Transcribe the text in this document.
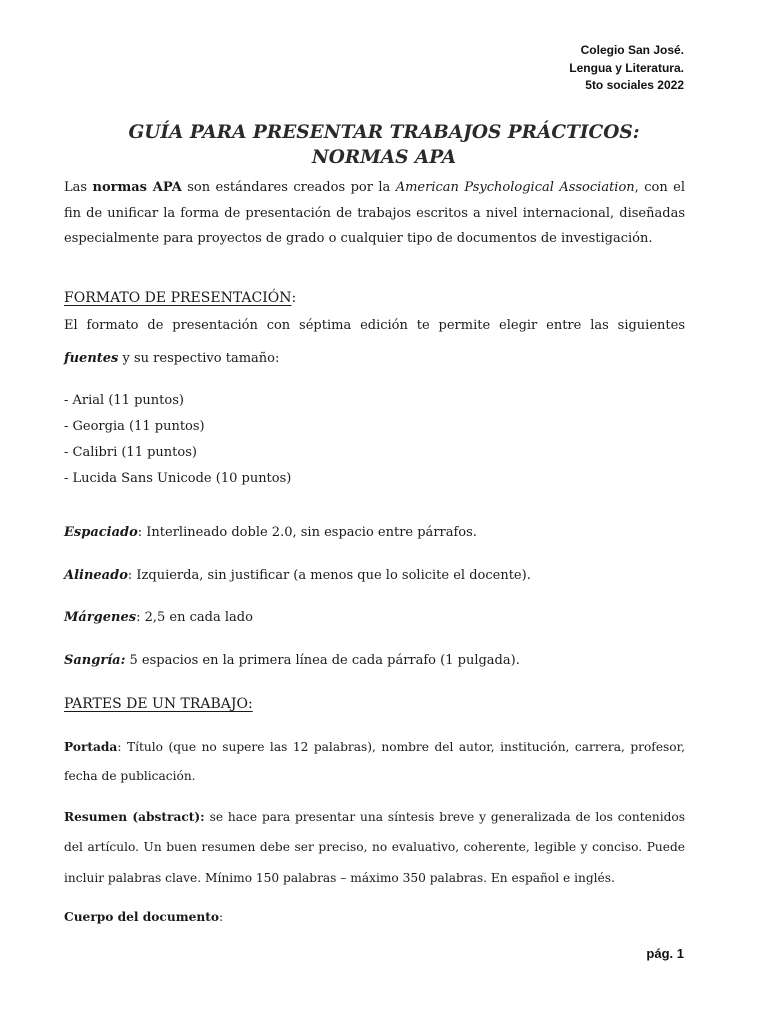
Colegio San José.
Lengua y Literatura.
5to sociales 2022
GUÍA PARA PRESENTAR TRABAJOS PRÁCTICOS:
NORMAS APA
Las normas APA son estándares creados por la American Psychological Association, con el fin de unificar la forma de presentación de trabajos escritos a nivel internacional, diseñadas especialmente para proyectos de grado o cualquier tipo de documentos de investigación.
FORMATO DE PRESENTACIÓN:
El formato de presentación con séptima edición te permite elegir entre las siguientes
fuentes y su respectivo tamaño:
- Arial (11 puntos)
- Georgia (11 puntos)
- Calibri (11 puntos)
- Lucida Sans Unicode (10 puntos)
Espaciado: Interlineado doble 2.0, sin espacio entre párrafos.
Alineado: Izquierda, sin justificar (a menos que lo solicite el docente).
Márgenes: 2,5 en cada lado
Sangría: 5 espacios en la primera línea de cada párrafo (1 pulgada).
PARTES DE UN TRABAJO:
Portada: Título (que no supere las 12 palabras), nombre del autor, institución, carrera, profesor,
fecha de publicación.
Resumen (abstract): se hace para presentar una síntesis breve y generalizada de los contenidos
del artículo. Un buen resumen debe ser preciso, no evaluativo, coherente, legible y conciso. Puede
incluir palabras clave. Mínimo 150 palabras – máximo 350 palabras. En español e inglés.
Cuerpo del documento:
pág. 1
